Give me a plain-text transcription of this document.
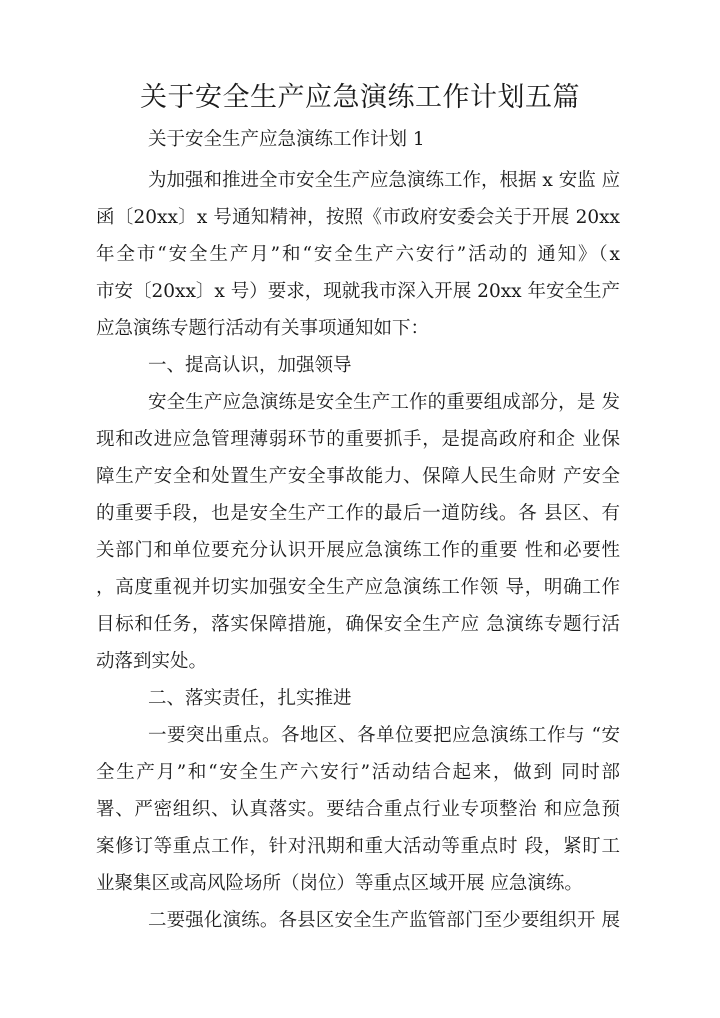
关于安全生产应急演练工作计划五篇
关于安全生产应急演练工作计划 1
为加强和推进全市安全生产应急演练工作，根据 x 安监 应
函〔20xx〕x 号通知精神，按照《市政府安委会关于开展 20xx
年全市“安全生产月”和“安全生产六安行”活动的 通知》（x
市安〔20xx〕x 号）要求，现就我市深入开展 20xx 年安全生产
应急演练专题行活动有关事项通知如下：
一、提高认识，加强领导
安全生产应急演练是安全生产工作的重要组成部分，是 发
现和改进应急管理薄弱环节的重要抓手，是提高政府和企 业保
障生产安全和处置生产安全事故能力、保障人民生命财 产安全
的重要手段，也是安全生产工作的最后一道防线。各 县区、有
关部门和单位要充分认识开展应急演练工作的重要 性和必要性
，高度重视并切实加强安全生产应急演练工作领 导，明确工作
目标和任务，落实保障措施，确保安全生产应 急演练专题行活
动落到实处。
二、落实责任，扎实推进
一要突出重点。各地区、各单位要把应急演练工作与 “安
全生产月”和“安全生产六安行”活动结合起来，做到 同时部
署、严密组织、认真落实。要结合重点行业专项整治 和应急预
案修订等重点工作，针对汛期和重大活动等重点时 段，紧盯工
业聚集区或高风险场所（岗位）等重点区域开展 应急演练。
二要强化演练。各县区安全生产监管部门至少要组织开 展
